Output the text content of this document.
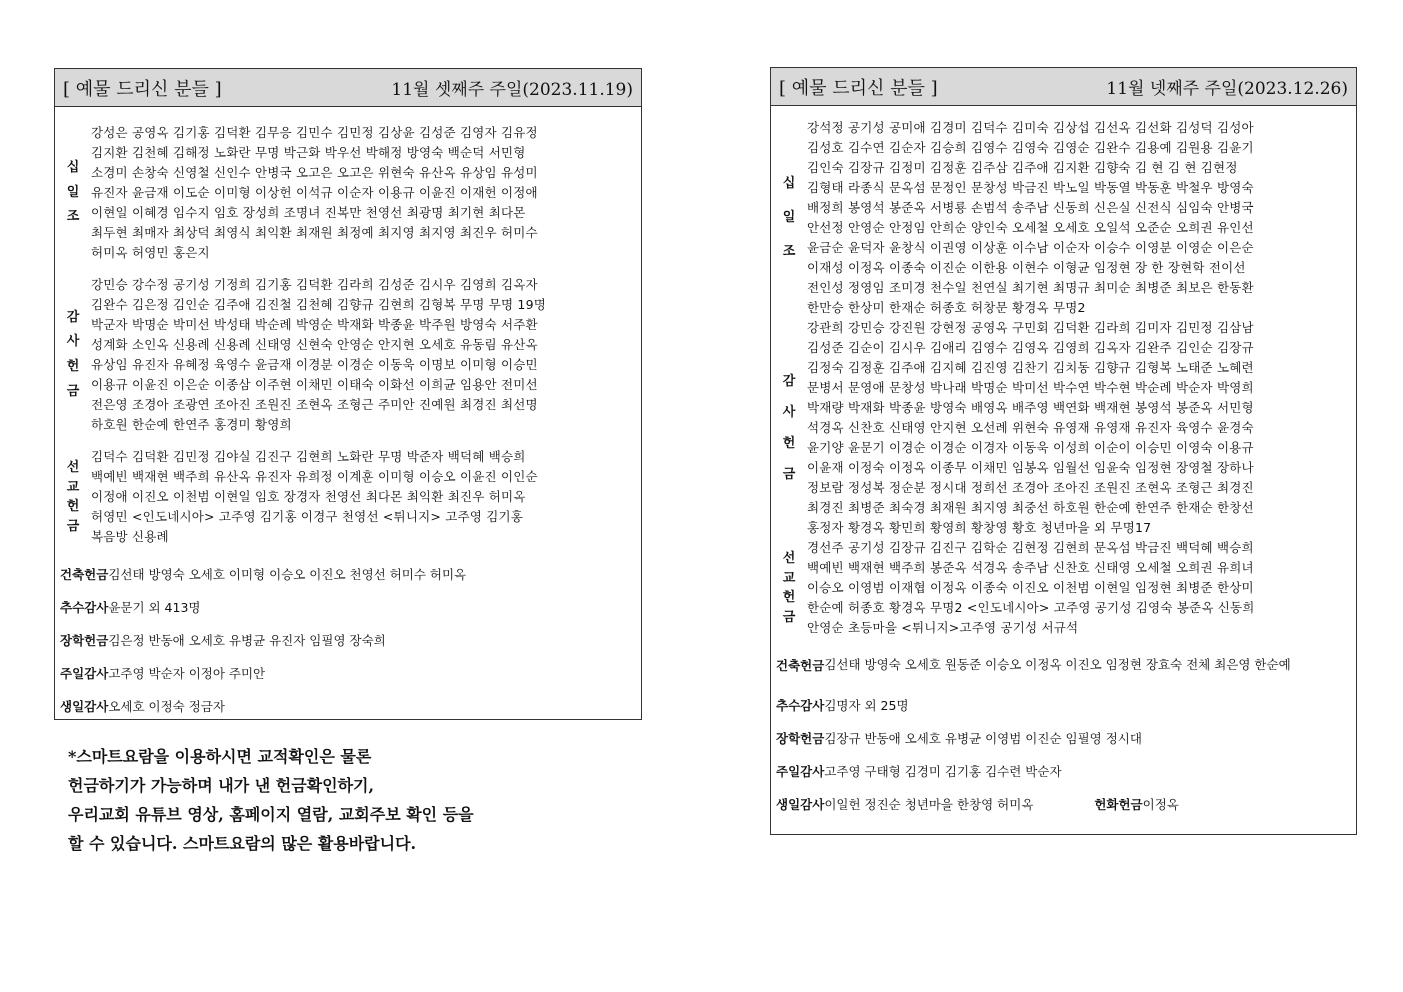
[ 예물 드리신 분들 ]	11월 셋째주 주일(2023.11.19)
십
일
조
강성은 공영옥 김기홍 김덕환 김무응 김민수 김민정 김상윤 김성준 김영자 김유정
김지환 김천혜 김해정 노화란 무명 박근화 박우선 박해정 방영숙 백순덕 서민형
소경미 손창숙 신영철 신인수 안병국 오고은 오고은 위현숙 유산옥 유상임 유성미
유진자 윤금재 이도순 이미형 이상헌 이석규 이순자 이용규 이윤진 이재헌 이정애
이현일 이혜경 임수지 임호 장성희 조명녀 진복만 천영선 최광명 최기현 최다몬
최두현 최매자 최상덕 최영식 최익환 최재원 최정예 최지영 최지영 최진우 허미수
허미옥 허영민 홍은지
감
사
헌
금
강민승 강수정 공기성 기정희 김기홍 김덕환 김라희 김성준 김시우 김영희 김옥자
김완수 김은정 김인순 김주애 김진철 김천혜 김향규 김현희 김형복 무명 무명 19명
박군자 박명순 박미선 박성태 박순례 박영순 박재화 박종윤 박주원 방영숙 서주환
성계화 소인옥 신용례 신용례 신태영 신현숙 안영순 안지현 오세호 유동림 유산옥
유상임 유진자 유혜정 육영수 윤금재 이경분 이경순 이동욱 이명보 이미형 이승민
이용규 이윤진 이은순 이종삼 이주현 이채민 이태숙 이화선 이희균 임용안 전미선
전은영 조경아 조광연 조아진 조원진 조현옥 조형근 주미안 진예원 최경진 최선명
하호원 한순예 한연주 홍경미 황영희
선
교
헌
금
김덕수 김덕환 김민정 김야실 김진구 김현희 노화란 무명 박준자 백덕혜 백승희
백예빈 백재현 백주희 유산옥 유진자 유희정 이계훈 이미형 이승오 이윤진 이인순
이정애 이진오 이천범 이현일 임호 장경자 천영선 최다몬 최익환 최진우 허미옥
허영민 <인도네시아> 고주영 김기홍 이경구 천영선 <튀니지> 고주영 김기홍
복음방 신용례
건축헌금 김선태 방영숙 오세호 이미형 이승오 이진오 천영선 허미수 허미옥
추수감사 윤문기 외 413명
장학헌금 김은정 반동애 오세호 유병균 유진자 임필영 장숙희
주일감사 고주영 박순자 이정아 주미안
생일감사 오세호 이정숙 정금자
[ 예물 드리신 분들 ]	11월 넷째주 주일(2023.12.26)
십
일
조
강석정 공기성 공미애 김경미 김덕수 김미숙 김상섭 김선옥 김선화 김성덕 김성아
김성호 김수연 김순자 김승희 김영수 김영숙 김영순 김완수 김용예 김원용 김윤기
김인숙 김장규 김정미 김정훈 김주삼 김주애 김지환 김향숙 김 현 김 현 김현정
김형태 라종식 문옥섬 문정인 문창성 박금진 박노일 박동열 박동훈 박철우 방영숙
배정희 봉영석 봉준옥 서병룡 손범석 송주남 신동희 신은실 신전식 심임숙 안병국
안선정 안영순 안정임 안희순 양인숙 오세철 오세호 오일석 오준순 오희권 유인선
윤금순 윤덕자 윤창식 이권영 이상훈 이수남 이순자 이승수 이영분 이영순 이은순
이재성 이정옥 이종숙 이진순 이한용 이현수 이형균 임정현 장 한 장현학 전이선
전인성 정영임 조미경 천수일 천연실 최기현 최명규 최미순 최병준 최보은 한동환
한만승 한상미 한재순 허종호 허창문 황경옥 무명2
감
사
헌
금
강관희 강민승 강진원 강현정 공영옥 구민회 김덕환 김라희 김미자 김민정 김삼남
김성준 김순이 김시우 김애리 김영수 김영옥 김영희 김옥자 김완주 김인순 김장규
김정숙 김정훈 김주애 김지혜 김진영 김찬기 김치동 김향규 김형복 노태준 노혜련
문병서 문영애 문창성 박나래 박명순 박미선 박수연 박수현 박순례 박순자 박영희
박재량 박재화 박종윤 방영숙 배영옥 배주영 백연화 백재현 봉영석 봉준옥 서민형
석경옥 신찬호 신태영 안지현 오선례 위현숙 유영재 유영재 유진자 육영수 윤경숙
윤기양 윤문기 이경순 이경순 이경자 이동욱 이성희 이순이 이승민 이영숙 이용규
이윤재 이정숙 이정옥 이종무 이채민 임봉옥 임월선 임윤숙 임정현 장영철 장하나
정보람 정성복 정순분 정시대 정희선 조경아 조아진 조원진 조현옥 조형근 최경진
최경진 최병준 최숙경 최재원 최지영 최중선 하호원 한순예 한연주 한재순 한창선
홍정자 황경옥 황민희 황영희 황창영 황호 청년마을 외 무명17
선
교
헌
금
경선주 공기성 김장규 김진구 김학순 김현정 김현희 문옥섬 박금진 백덕혜 백승희
백예빈 백재현 백주희 봉준옥 석경옥 송주남 신찬호 신태영 오세철 오희권 유희녀
이승오 이영범 이재협 이정옥 이종숙 이진오 이천범 이현일 임정현 최병준 한상미
한순예 허종호 황경옥 무명2 <인도네시아> 고주영 공기성 김영숙 봉준옥 신동희
안영순 초등마을 <튀니지>고주영 공기성 서규석
건축헌금 김선태 방영숙 오세호 원동준 이승오 이정옥 이진오 임정현 장효숙 전체 최은영 한순예
추수감사 김명자 외 25명
장학헌금 김장규 반동애 오세호 유병균 이영범 이진순 임필영 정시대
주일감사 고주영 구태형 김경미 김기홍 김수련 박순자
생일감사 이일헌 정진순 청년마을 한창영 허미옥	헌화헌금 이정옥
*스마트요람을 이용하시면 교적확인은 물론
헌금하기가 가능하며 내가 낸 헌금확인하기,
우리교회 유튜브 영상, 홈페이지 열람, 교회주보 확인 등을
할 수 있습니다. 스마트요람의 많은 활용바랍니다.
